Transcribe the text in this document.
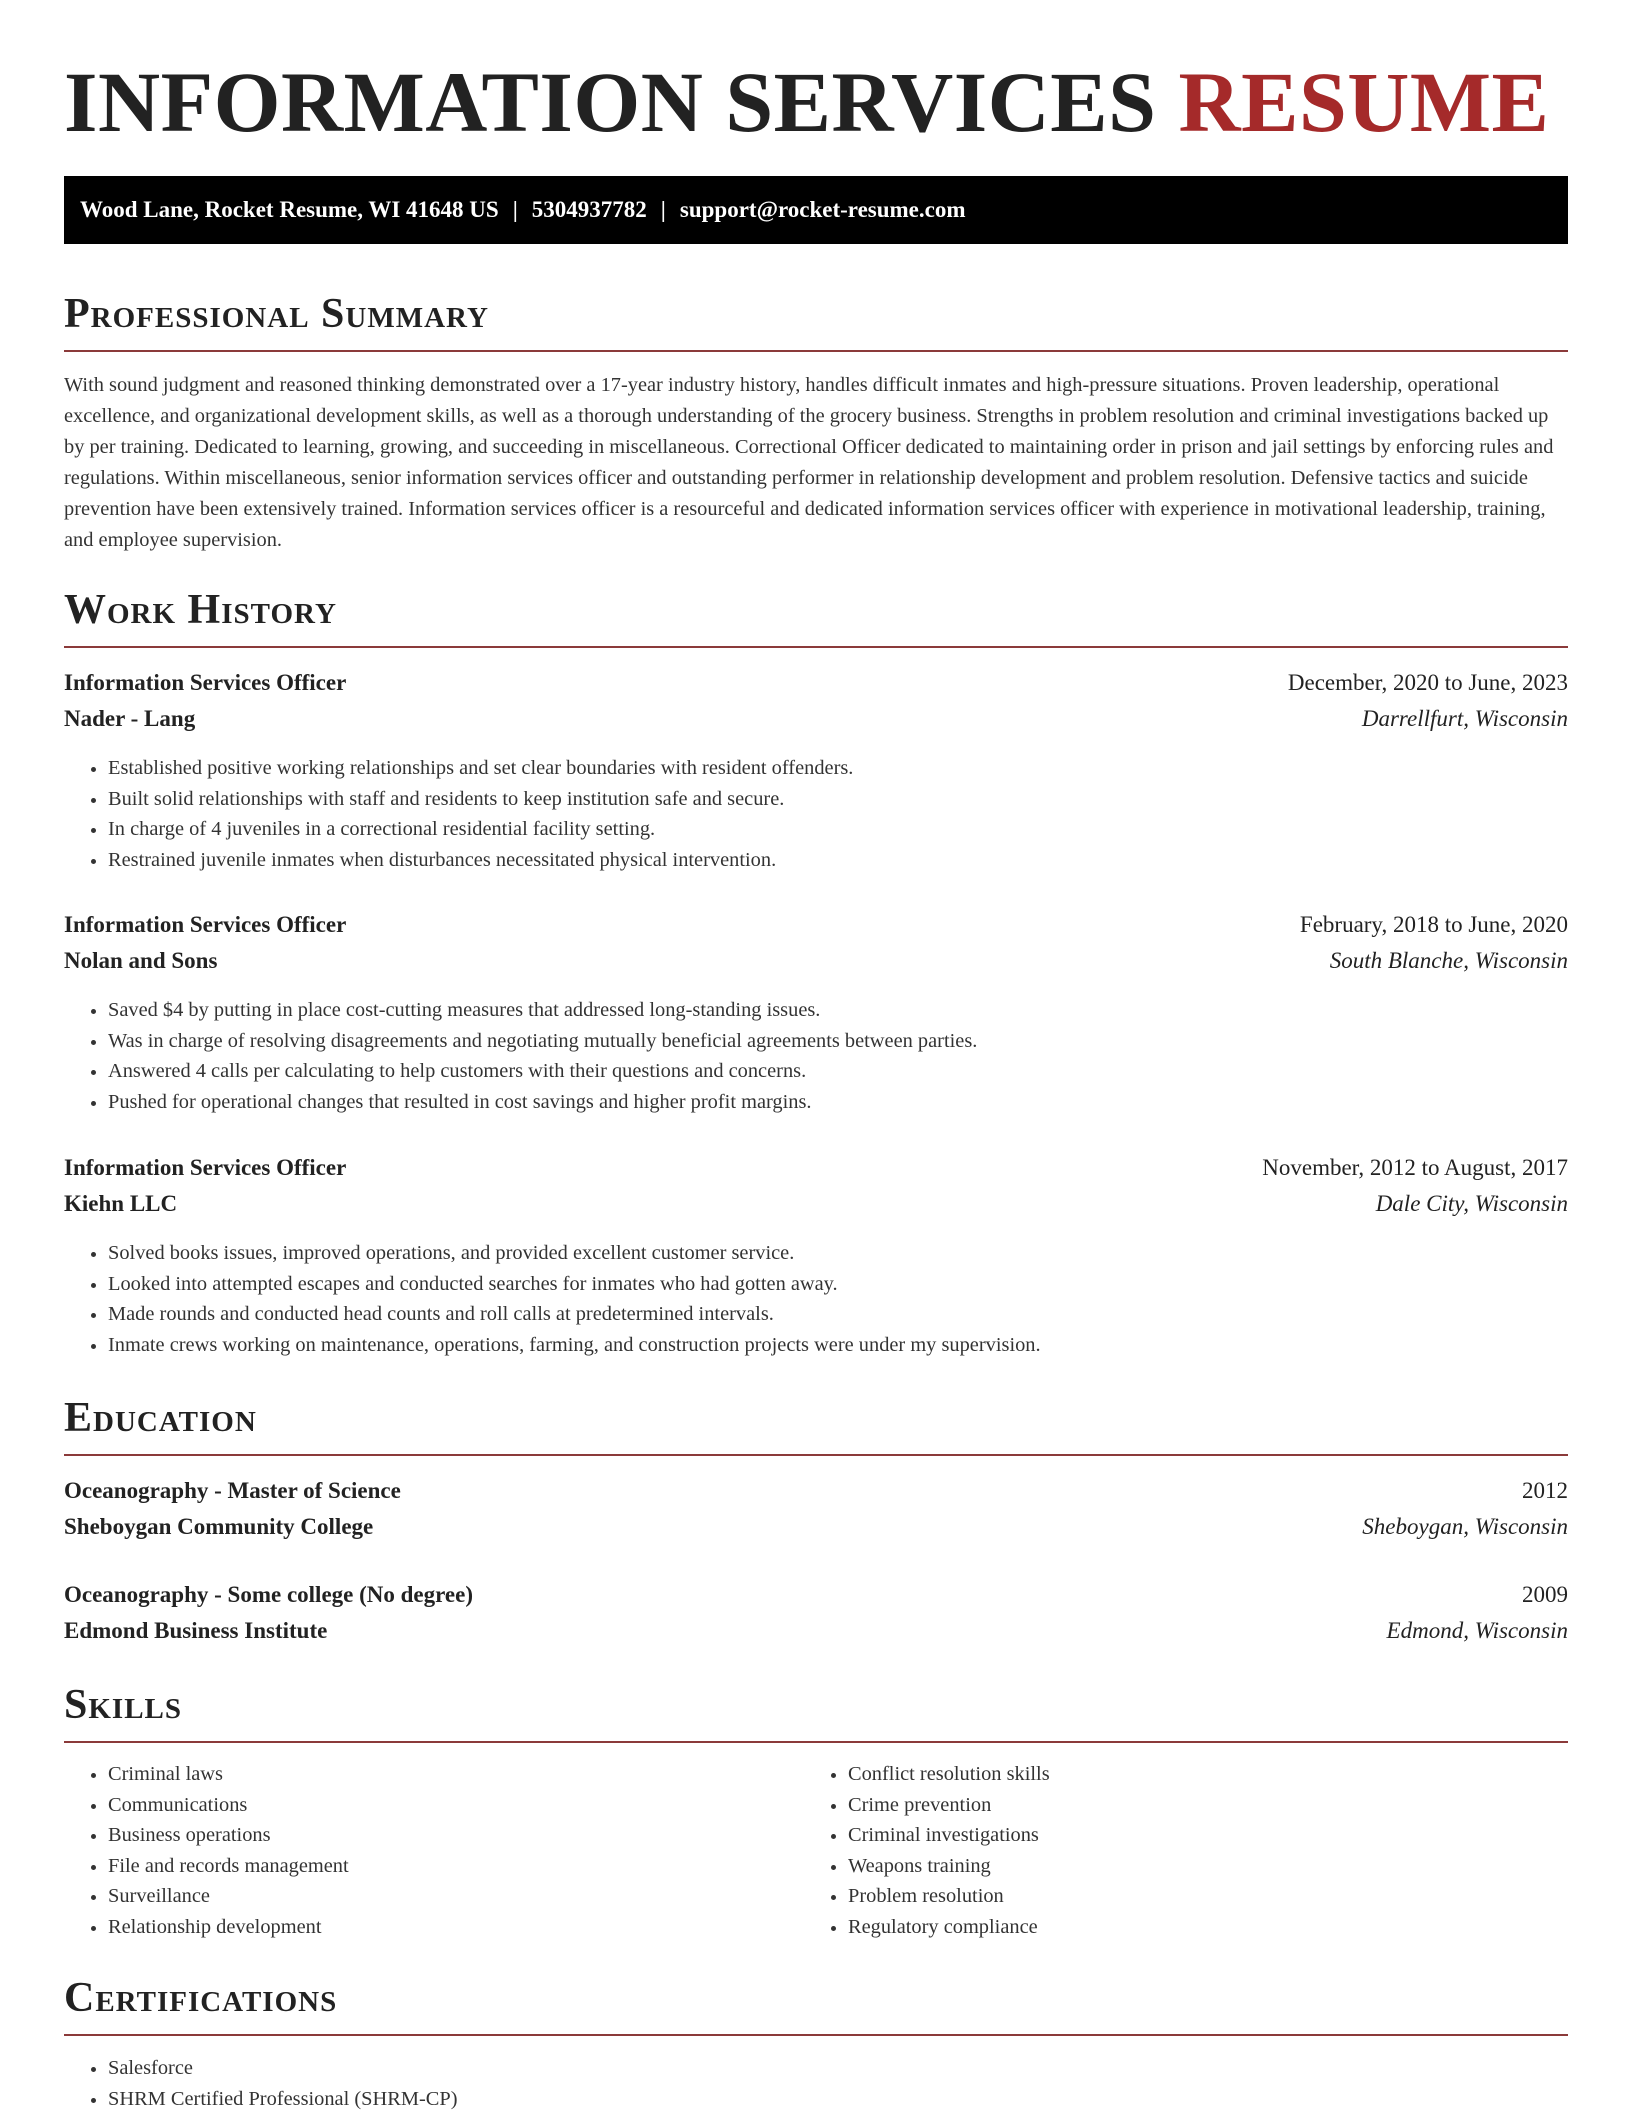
INFORMATION SERVICES RESUME
Wood Lane, Rocket Resume, WI 41648 US | 5304937782 | support@rocket-resume.com
Professional Summary

With sound judgment and reasoned thinking demonstrated over a 17-year industry history, handles difficult inmates and high-pressure situations. Proven leadership, operational excellence, and organizational development skills, as well as a thorough understanding of the grocery business. Strengths in problem resolution and criminal investigations backed up by per training. Dedicated to learning, growing, and succeeding in miscellaneous. Correctional Officer dedicated to maintaining order in prison and jail settings by enforcing rules and regulations. Within miscellaneous, senior information services officer and outstanding performer in relationship development and problem resolution. Defensive tactics and suicide prevention have been extensively trained. Information services officer is a resourceful and dedicated information services officer with experience in motivational leadership, training, and employee supervision.

Work History
Information Services Officer	December, 2020 to June, 2023
Nader - Lang	Darrellfurt, Wisconsin
• Established positive working relationships and set clear boundaries with resident offenders.
• Built solid relationships with staff and residents to keep institution safe and secure.
• In charge of 4 juveniles in a correctional residential facility setting.
• Restrained juvenile inmates when disturbances necessitated physical intervention.
Information Services Officer	February, 2018 to June, 2020
Nolan and Sons	South Blanche, Wisconsin
• Saved $4 by putting in place cost-cutting measures that addressed long-standing issues.
• Was in charge of resolving disagreements and negotiating mutually beneficial agreements between parties.
• Answered 4 calls per calculating to help customers with their questions and concerns.
• Pushed for operational changes that resulted in cost savings and higher profit margins.
Information Services Officer	November, 2012 to August, 2017
Kiehn LLC	Dale City, Wisconsin
• Solved books issues, improved operations, and provided excellent customer service.
• Looked into attempted escapes and conducted searches for inmates who had gotten away.
• Made rounds and conducted head counts and roll calls at predetermined intervals.
• Inmate crews working on maintenance, operations, farming, and construction projects were under my supervision.
Education
Oceanography - Master of Science	2012
Sheboygan Community College	Sheboygan, Wisconsin
Oceanography - Some college (No degree)	2009
Edmond Business Institute	Edmond, Wisconsin
Skills
• Criminal laws
• Communications
• Business operations
• File and records management
• Surveillance
• Relationship development
• Conflict resolution skills
• Crime prevention
• Criminal investigations
• Weapons training
• Problem resolution
• Regulatory compliance
Certifications
• Salesforce
• SHRM Certified Professional (SHRM-CP)
